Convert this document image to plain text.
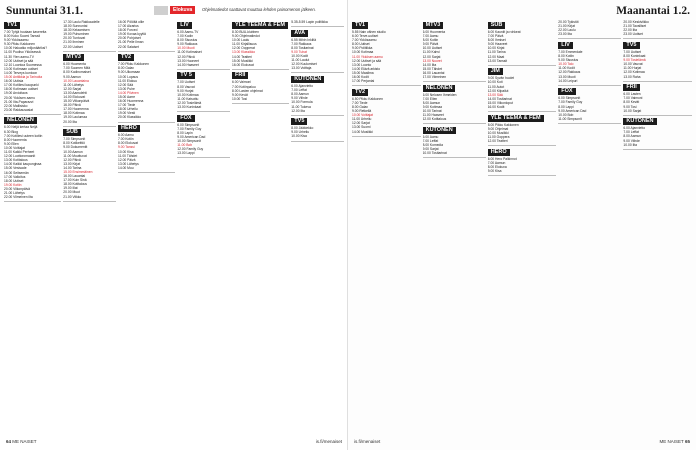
Sunnuntai 31.1.	Elokuva	Ohjelmatiedot saattavat muuttua lehden painomenon jälkeen.
TV1
7.00 Tyhjä huutaan kavereita
8.00 Koko Suomi Tanssii
9.00 Ykkösaamu
9.30 Pikku Kakkonen
10.00 Haluatko miljonääriksi?
11.00 Puoliso Ykkösessä
11.30 Ylen aamu-TV
12.00 Uutiset ja sää
12.10 Luontoa Suomessa
13.00 Kotimaan uutiset
14.00 Terveys kuntoon
15.00 Antiikkia ja Tarinoita
16.00 Uutisia
17.00 Kotiliesi kaupunki
18.00 Kotimaan uutiset
19.00 Arvioitava
20.00 Ykkösen aamu
21.00 Ilta-Paparazzi
22.00 Mallisisko
23.00 Rakkausasiat
NELONEN
6.00 Neljä kertaa Neljä
6.30 Blog
7.00 Kotiliesi uuteen kotiin
8.00 Huomenta
9.00 Ellen
10.00 Voittajat
11.00 Kaikki Perheet
12.00 Luottoromaanit
13.00 Kotitalous
14.00 Kaikki kaupungissa
15.00 Vesisade
16.00 Seitsemän
17.00 Valloitus
18.00 Uutiset
19.00 Kotiin
20.00 Viikonpäivä
21.00 Lähetys
22.00 Viimeinen ilta
17.30 Laulu Rakkaudelle
18.00 Sunnuntai
18.30 Kelaamisen
19.00 Puhuminen
20.00 Tuntuvat
21.00 Ihminen
22.00 Uutiset
MTV3
6.00 Huomenta
7.00 Suomen Mitä
8.00 Kodinomaiset
9.00 Aamun
10.00 Lauantaina
11.00 Lähetys
12.00 Sarjat
13.00 Aamulehti
14.00 Elokuvat
15.00 Viikonpäivä
16.00 Päivä
17.00 Huomenna
18.00 Kotimaa
19.00 Laulumaa
20.00 Ilta
SUB
7.00 Simpsonit
8.00 Kotikeittiö
9.00 Dokumentit
10.00 Aamun
11.00 Muuttuvat
12.00 Päivä
13.00 Kirjat
14.00 Tarina
15.00 Ensimmäinen
16.00 Lauantai
17.00 Kuin Sinä
18.00 Kotitalous
19.00 Illat
20.00 Muut
21.00 Viikko
16.00 Pölöitä ollie
17.00 Alzarius
18.00 Forced
19.00 Kovaa kyytiä
20.00 Pohjoiset
21.00 Pelle Ilman
22.00 Salaiset
TV2
7.00 Pikku Kakkonen
8.00 Galax
9.00 Ulkomaan
10.00 Lupaus
11.00 Elokuu
12.00 Sää
13.00 Puhe
14.00 Pilvinen
15.00 Aarre
16.00 Huomenna
17.00 Tiede
18.00 Urheilu
19.00 Viesti
20.00 Klassikko
HERO
6.00 Aamu
7.00 Kotiin
8.00 Elokuvat
9.00 Tanssi
10.00 Kisa
11.00 Tähdet
12.00 Päivä
13.00 Lähetys
14.00 Muu
LIV
6.00 Aamu-TV
7.00 Kodin
8.00 Sisustus
9.00 Rakkaus
10.00 Muoti
11.00 Kotimaiset
12.00 Päivä
13.00 Huoneet
14.00 Haaveet
TV 5
7.00 Uutiset
8.00 Vauvat
9.00 Hurjat
10.00 Kotimaa
11.00 Katsottu
12.00 Tosielämä
13.00 Kuninkaat
FOX
6.00 Simpsonit
7.00 Family Guy
8.00 Lapin
9.00 American Dad
10.00 Simpsonit
11.00 Bob
12.00 Family Guy
13.00 Lappi
YLE TEEMA & FEM
8.30 BUU-klubben
9.00 Ohjelmatiedot
10.00 Laulu
11.00 Kirjallisuus
12.00 Oopperat
13.00 Klassikko
14.00 Teatteri
15.00 Musiikki
16.00 Elokuvat
FRII
6.00 Vaimoni
7.00 Kotiinpaluu
8.00 Lasten ohjelmat
9.00 Kevät
10.00 Tosi
5.35-5.59 Lapin politiikka
AVA
6.55 Mihin Inkiltä
7.00 Rakkaus
8.00 Tositarinat
9.00 Tuhat
10.00 Kodit
11.00 Laulut
12.00 Kuulumiset
13.00 Voittaja
KUTONEN
6.00 Ajanvietto
7.00 Leffat
8.00 Aamun
9.00 Viihde
10.00 Formula
11.00 Tukeva
12.00 Ilta
TV5
8.00 Jääkiekko
9.00 Urheilu
10.00 Kisa
64 ME NAISET	is.fi/menaiset
Maanantai 1.2.
TV1
5.55 Nain vähen studio
6.00 Terve-uutiset
7.00 Ykkösaamu
8.00 Uutiset
9.00 Politiikka
10.00 Kotimaa
11.00 Ykkösen aamu
12.00 Uutiset ja sää
13.00 Luonto
14.00 Elävä arkisto
15.00 Maailma
16.00 Kodit
17.00 Perjantai
TV2
6.50 Pikku Kakkonen
7.00 Tiede
8.00 Galax
9.00 Retkellä
10.00 Voittajat
11.00 Urheilu
12.00 Sarjat
13.00 Suomi
14.00 Musiikki
MTV3
6.00 Huomenta
7.00 Aamu
8.00 Kotiin
9.00 Päivä
10.00 Uutiset
11.00 Kahvi
12.00 Sarjat
13.00 Nuoret
14.00 Ilta
15.00 Tähdet
16.00 Lauantai
17.00 Viimeinen
NELONEN
6.00 Nelosen Ihmeiden
7.00 Ellen
8.00 Aamun
9.00 Kotimaa
10.00 Tarinat
11.00 Haaveet
12.00 Kotitalous
KUTONEN
6.00 Aamu
7.00 Leffat
8.00 Komedia
9.00 Sarjat
10.00 Tositarinat
SUB
6.00 Kauniit ja rohkeat
7.00 Päivä
8.00 Ihmiset
9.00 Haaveet
10.00 Kirjat
11.00 Tarina
12.00 Maat
13.00 Tanssit
JIM
9.00 Syvän huolet
10.00 Koti
11.00 Autot
12.00 Kilpailut
13.00 Sää
14.00 Tositarinat
15.00 Viikonloput
16.00 Kodit
YLE TEEMA & FEM
8.00 Pikku Kakkonen
9.00 Ohjelmat
10.00 Musiikki
11.00 Ooppera
12.00 Teatteri
HERO
6.00 Hero Palkinnot
7.00 Aamun
8.00 Elokuva
9.00 Kisa
20.00 Tykistöt
21.00 Kirjat
22.00 Laulu
23.00 Ilta
LIV
7.00 Emmerdale
8.00 Kotiin
9.00 Sisustus
10.00 Talo
11.00 Kodit
12.00 Rakkaus
13.00 Muoti
14.00 Leipuri
FOX
6.00 Simpsonit
7.00 Family Guy
8.00 Lappi
9.00 American Dad
10.00 Bob
11.00 Simpsonit
20.00 Keskiviikko
21.00 Tavalliset
22.00 Ilta
23.00 Uutiset
TV5
7.00 Uutiset
8.00 Kuninkaat
9.00 Tosielämä
10.00 Vauvat
11.00 Hurjat
12.00 Kotimaa
13.00 Raha
FRII
6.00 Lasten
7.00 Vaimoni
8.00 Kevät
9.00 Tosi
10.00 Sarjat
KUTONEN
6.00 Ajanvietto
7.00 Leffat
8.00 Aamun
9.00 Viihde
10.00 Ilta
is.fi/menaiset	ME NAISET 65
